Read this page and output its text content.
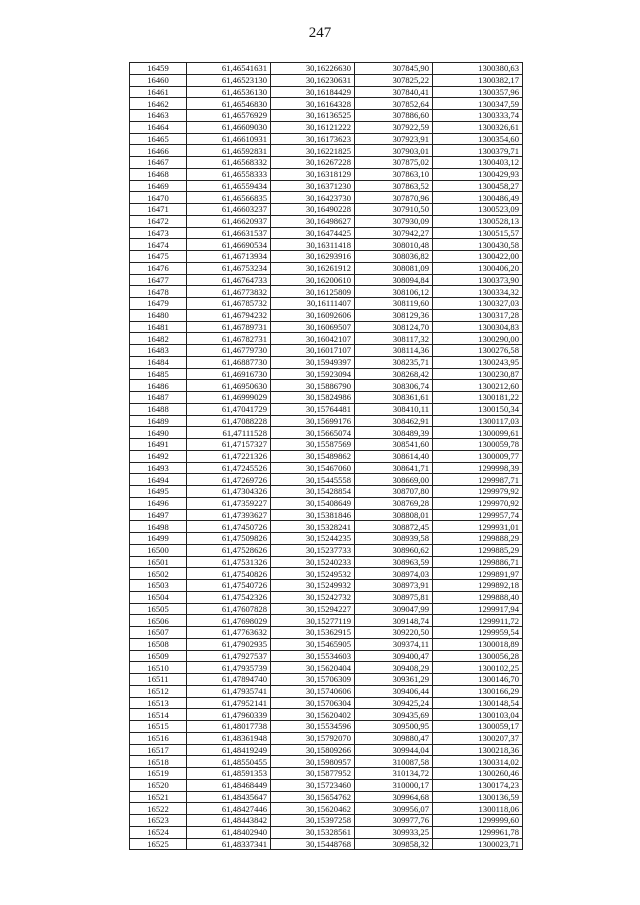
247
16459	61,46541631	30,16226630	307845,90	1300380,63
16460	61,46523130	30,16230631	307825,22	1300382,17
16461	61,46536130	30,16184429	307840,41	1300357,96
16462	61,46546830	30,16164328	307852,64	1300347,59
16463	61,46576929	30,16136525	307886,60	1300333,74
16464	61,46609030	30,16121222	307922,59	1300326,61
16465	61,46610931	30,16173623	307923,91	1300354,60
16466	61,46592831	30,16221825	307903,01	1300379,71
16467	61,46568332	30,16267228	307875,02	1300403,12
16468	61,46558333	30,16318129	307863,10	1300429,93
16469	61,46559434	30,16371230	307863,52	1300458,27
16470	61,46566835	30,16423730	307870,96	1300486,49
16471	61,46603237	30,16490228	307910,50	1300523,09
16472	61,46620937	30,16498627	307930,09	1300528,13
16473	61,46631537	30,16474425	307942,27	1300515,57
16474	61,46690534	30,16311418	308010,48	1300430,58
16475	61,46713934	30,16293916	308036,82	1300422,00
16476	61,46753234	30,16261912	308081,09	1300406,20
16477	61,46764733	30,16200610	308094,84	1300373,90
16478	61,46773832	30,16125809	308106,12	1300334,32
16479	61,46785732	30,16111407	308119,60	1300327,03
16480	61,46794232	30,16092606	308129,36	1300317,28
16481	61,46789731	30,16069507	308124,70	1300304,83
16482	61,46782731	30,16042107	308117,32	1300290,00
16483	61,46779730	30,16017107	308114,36	1300276,58
16484	61,46887730	30,15949397	308235,71	1300243,95
16485	61,46916730	30,15923094	308268,42	1300230,87
16486	61,46950630	30,15886790	308306,74	1300212,60
16487	61,46999029	30,15824986	308361,61	1300181,22
16488	61,47041729	30,15764481	308410,11	1300150,34
16489	61,47088228	30,15699176	308462,91	1300117,03
16490	61,47111528	30,15665074	308489,39	1300099,61
16491	61,47157327	30,15587569	308541,60	1300059,78
16492	61,47221326	30,15489862	308614,40	1300009,77
16493	61,47245526	30,15467060	308641,71	1299998,39
16494	61,47269726	30,15445558	308669,00	1299987,71
16495	61,47304326	30,15428854	308707,80	1299979,92
16496	61,47359227	30,15408649	308769,28	1299970,92
16497	61,47393627	30,15381846	308808,01	1299957,74
16498	61,47450726	30,15328241	308872,45	1299931,01
16499	61,47509826	30,15244235	308939,58	1299888,29
16500	61,47528626	30,15237733	308960,62	1299885,29
16501	61,47531326	30,15240233	308963,59	1299886,71
16502	61,47540826	30,15249532	308974,03	1299891,97
16503	61,47540726	30,15249932	308973,91	1299892,18
16504	61,47542326	30,15242732	308975,81	1299888,40
16505	61,47607828	30,15294227	309047,99	1299917,94
16506	61,47698029	30,15277119	309148,74	1299911,72
16507	61,47763632	30,15362915	309220,50	1299959,54
16508	61,47902935	30,15465905	309374,11	1300018,89
16509	61,47927537	30,15534603	309400,47	1300056,28
16510	61,47935739	30,15620404	309408,29	1300102,25
16511	61,47894740	30,15706309	309361,29	1300146,70
16512	61,47935741	30,15740606	309406,44	1300166,29
16513	61,47952141	30,15706304	309425,24	1300148,54
16514	61,47960339	30,15620402	309435,69	1300103,04
16515	61,48017738	30,15534596	309500,95	1300059,17
16516	61,48361948	30,15792070	309880,47	1300207,37
16517	61,48419249	30,15809266	309944,04	1300218,36
16518	61,48550455	30,15980957	310087,58	1300314,02
16519	61,48591353	30,15877952	310134,72	1300260,46
16520	61,48468449	30,15723460	310000,17	1300174,23
16521	61,48435647	30,15654762	309964,68	1300136,59
16522	61,48427446	30,15620462	309956,07	1300118,06
16523	61,48443842	30,15397258	309977,76	1299999,60
16524	61,48402940	30,15328561	309933,25	1299961,78
16525	61,48337341	30,15448768	309858,32	1300023,71
